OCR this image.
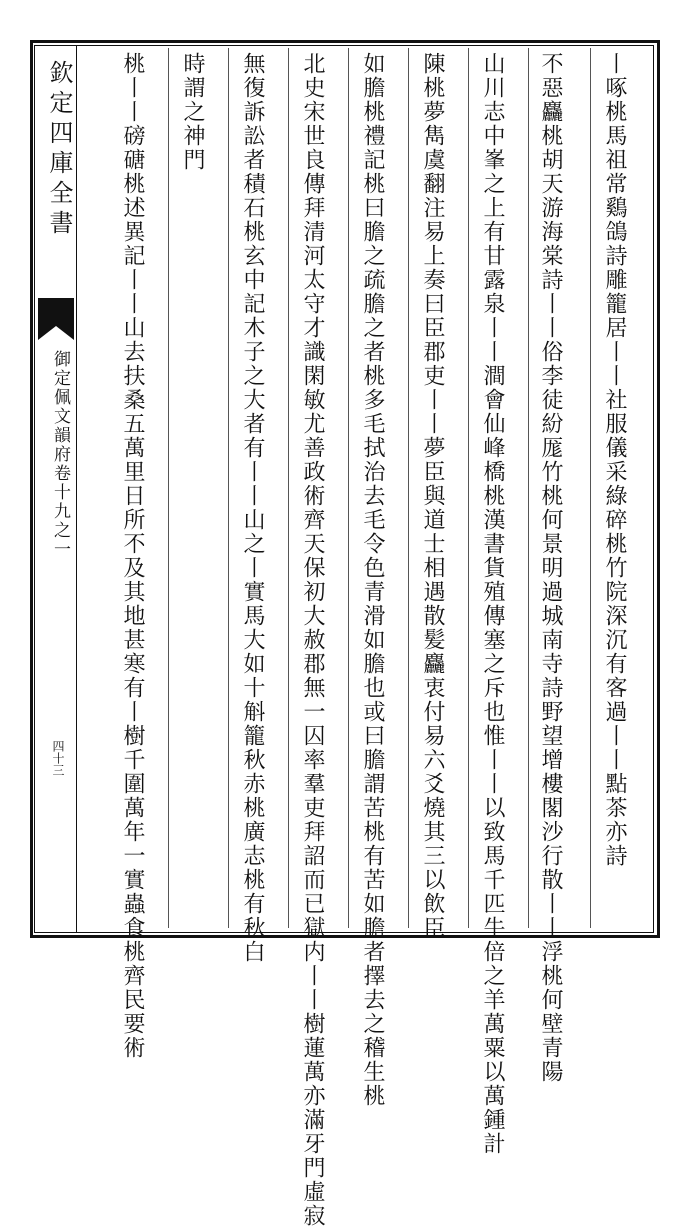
欽定四庫全書
御定佩文韻府卷十九之一
四十三	丨啄桃馬祖常鷄鴿詩雕籠居丨丨社服儀采綠碎桃竹院深沉有客過丨丨點茶亦詩
不惡麤桃胡天游海棠詩丨丨俗李徒紛厖竹桃何景明過城南寺詩野望增樓閣沙行散丨丨浮桃何壁青陽
山川志中峯之上有甘露泉丨丨澗會仙峰橋桃漢書貨殖傳塞之斥也惟丨丨以致馬千匹牛倍之羊萬粟以萬鍾計
陳桃夢雋虞翻注易上奏曰臣郡吏丨丨夢臣與道士相遇散髪麤衷付易六爻燒其三以飲臣
如膽桃禮記桃曰膽之疏膽之者桃多毛拭治去毛令色青滑如膽也或曰膽謂苦桃有苦如膽者擇去之稽生桃
北史宋世良傳拜清河太守才識閑敏尤善政術齊天保初大赦郡無一囚率羣吏拜詔而已獄内丨丨樹蓮萬亦滿牙門虛寂
無復訴訟者積石桃玄中記木子之大者有丨丨山之丨實馬大如十斛籠秋赤桃廣志桃有秋白
時謂之神門
桃丨丨磅磄桃述異記丨丨山去扶桑五萬里日所不及其地甚寒有丨樹千圍萬年一實蟲食桃齊民要術
